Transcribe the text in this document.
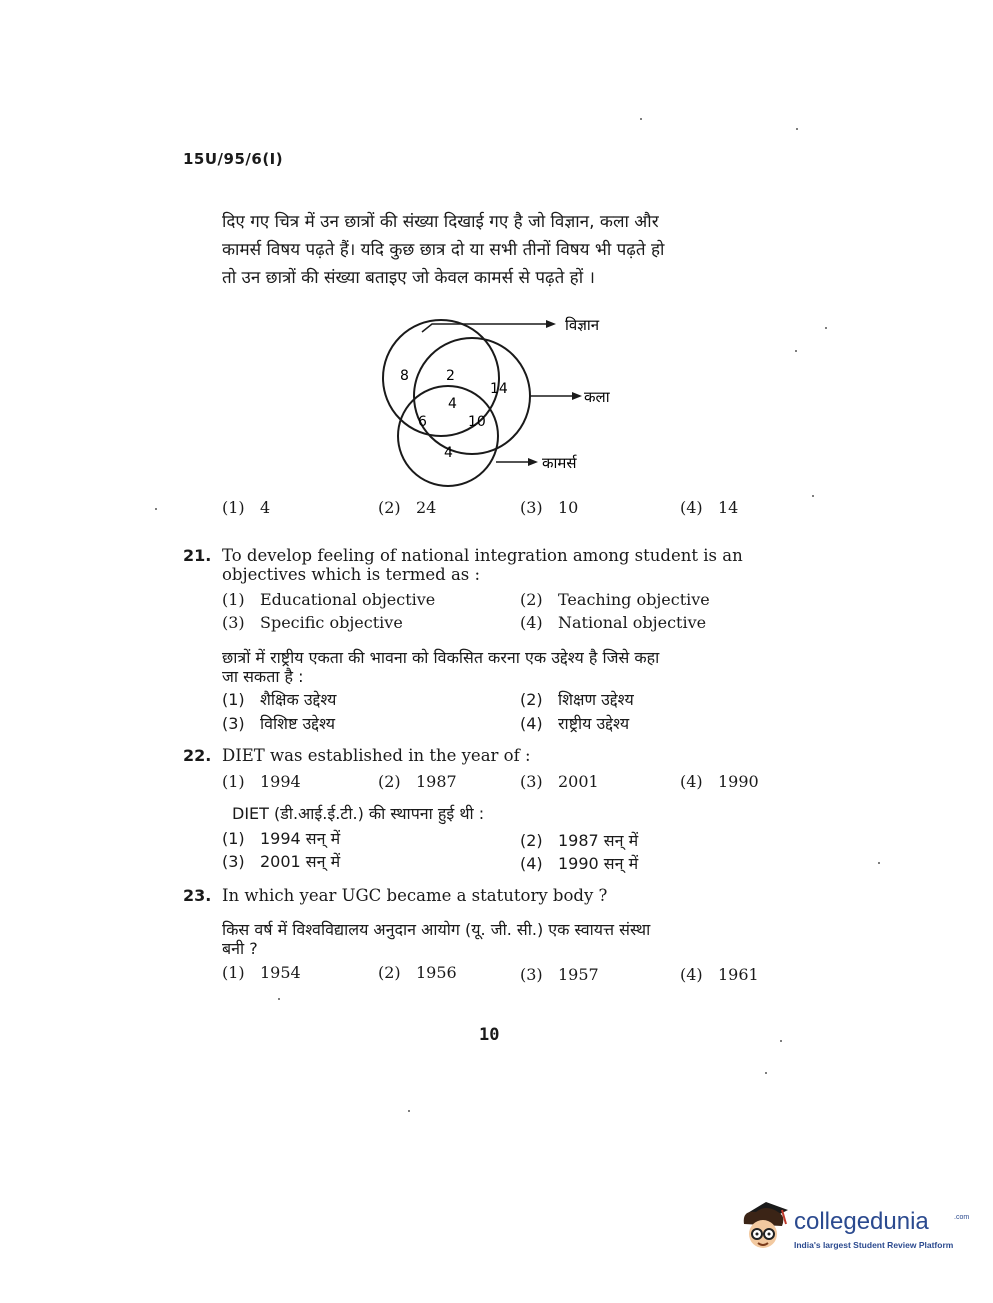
15U/95/6(I)
दिए गए चित्र में उन छात्रों की संख्या दिखाई गए है जो विज्ञान, कला और
कामर्स विषय पढ़ते हैं। यदि कुछ छात्र दो या सभी तीनों विषय भी पढ़ते हो
तो उन छात्रों की संख्या बताइए जो केवल कामर्स से पढ़ते हों ।
विज्ञान
कला
कामर्स
8	2
14
4
6	10
4
(1) 4	(2) 24	(3) 10	(4) 14
21. To develop feeling of national integration among student is an
objectives which is termed as :
(1) Educational objective	(2) Teaching objective
(3) Specific objective	(4) National objective
छात्रों में राष्ट्रीय एकता की भावना को विकसित करना एक उद्देश्य है जिसे कहा
जा सकता है :
(1) शैक्षिक उद्देश्य	(2) शिक्षण उद्देश्य
(3) विशिष्ट उद्देश्य	(4) राष्ट्रीय उद्देश्य
22. DIET was established in the year of :
(1) 1994	(2) 1987	(3) 2001	(4) 1990
DIET (डी.आई.ई.टी.) की स्थापना हुई थी :
(1) 1994 सन् में	(2) 1987 सन् में
(3) 2001 सन् में	(4) 1990 सन् में
23. In which year UGC became a statutory body ?
किस वर्ष में विश्वविद्यालय अनुदान आयोग (यू. जी. सी.) एक स्वायत्त संस्था
बनी ?
(1) 1954	(2) 1956	(3) 1957	(4) 1961
10
collegedunia	.com
India's largest Student Review Platform
